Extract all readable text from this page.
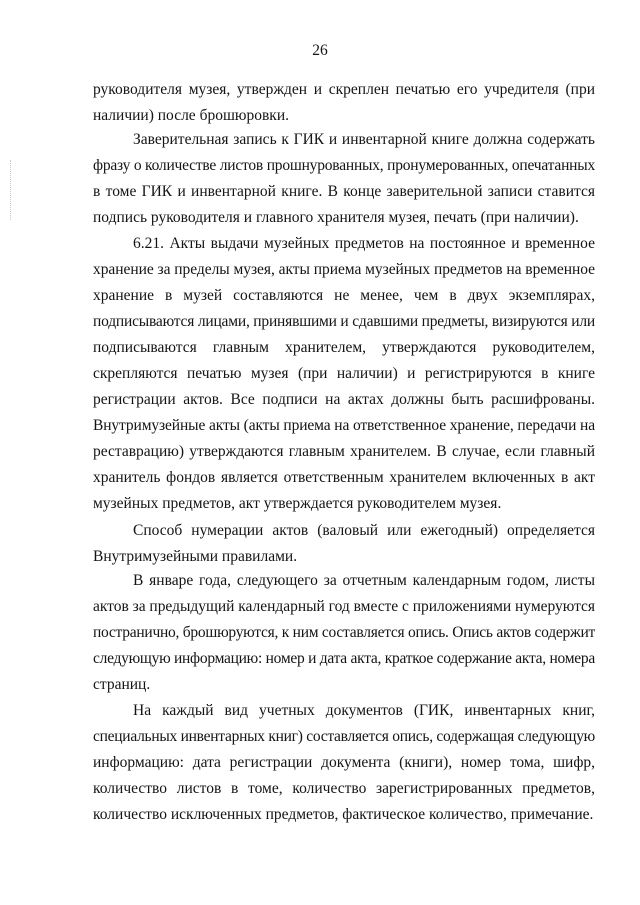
26
руководителя музея, утвержден и скреплен печатью его учредителя (при
наличии) после брошюровки.
Заверительная запись к ГИК и инвентарной книге должна содержать
фразу о количестве листов прошнурованных, пронумерованных, опечатанных
в томе ГИК и инвентарной книге. В конце заверительной записи ставится
подпись руководителя и главного хранителя музея, печать (при наличии).
6.21. Акты выдачи музейных предметов на постоянное и временное
хранение за пределы музея, акты приема музейных предметов на временное
хранение в музей составляются не менее, чем в двух экземплярах,
подписываются лицами, принявшими и сдавшими предметы, визируются или
подписываются главным хранителем, утверждаются руководителем,
скрепляются печатью музея (при наличии) и регистрируются в книге
регистрации актов. Все подписи на актах должны быть расшифрованы.
Внутримузейные акты (акты приема на ответственное хранение, передачи на
реставрацию) утверждаются главным хранителем. В случае, если главный
хранитель фондов является ответственным хранителем включенных в акт
музейных предметов, акт утверждается руководителем музея.
Способ нумерации актов (валовый или ежегодный) определяется
Внутримузейными правилами.
В январе года, следующего за отчетным календарным годом, листы
актов за предыдущий календарный год вместе с приложениями нумеруются
постранично, брошюруются, к ним составляется опись. Опись актов содержит
следующую информацию: номер и дата акта, краткое содержание акта, номера
страниц.
На каждый вид учетных документов (ГИК, инвентарных книг,
специальных инвентарных книг) составляется опись, содержащая следующую
информацию: дата регистрации документа (книги), номер тома, шифр,
количество листов в томе, количество зарегистрированных предметов,
количество исключенных предметов, фактическое количество, примечание.
